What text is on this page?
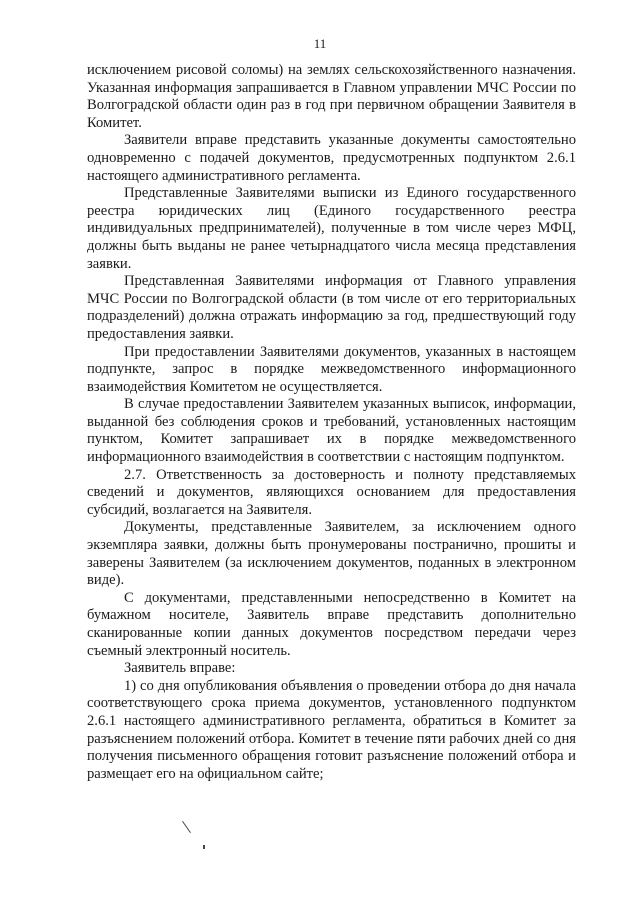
11

исключением рисовой соломы) на землях сельскохозяйственного назначения. Указанная информация запрашивается в Главном управлении МЧС России по Волгоградской области один раз в год при первичном обращении Заявителя в Комитет.

Заявители вправе представить указанные документы самостоятельно одновременно с подачей документов, предусмотренных подпунктом 2.6.1 настоящего административного регламента.

Представленные Заявителями выписки из Единого государственного реестра юридических лиц (Единого государственного реестра индивидуальных предпринимателей), полученные в том числе через МФЦ, должны быть выданы не ранее четырнадцатого числа месяца представления заявки.

Представленная Заявителями информация от Главного управления МЧС России по Волгоградской области (в том числе от его территориальных подразделений) должна отражать информацию за год, предшествующий году предоставления заявки.

При предоставлении Заявителями документов, указанных в настоящем подпункте, запрос в порядке межведомственного информационного взаимодействия Комитетом не осуществляется.

В случае предоставлении Заявителем указанных выписок, информации, выданной без соблюдения сроков и требований, установленных настоящим пунктом, Комитет запрашивает их в порядке межведомственного информационного взаимодействия в соответствии с настоящим подпунктом.

2.7. Ответственность за достоверность и полноту представляемых сведений и документов, являющихся основанием для предоставления субсидий, возлагается на Заявителя.

Документы, представленные Заявителем, за исключением одного экземпляра заявки, должны быть пронумерованы постранично, прошиты и заверены Заявителем (за исключением документов, поданных в электронном виде).

С документами, представленными непосредственно в Комитет на бумажном носителе, Заявитель вправе представить дополнительно сканированные копии данных документов посредством передачи через съемный электронный носитель.

Заявитель вправе:

1) со дня опубликования объявления о проведении отбора до дня начала соответствующего срока приема документов, установленного подпунктом 2.6.1 настоящего административного регламента, обратиться в Комитет за разъяснением положений отбора. Комитет в течение пяти рабочих дней со дня получения письменного обращения готовит разъяснение положений отбора и размещает его на официальном сайте;
